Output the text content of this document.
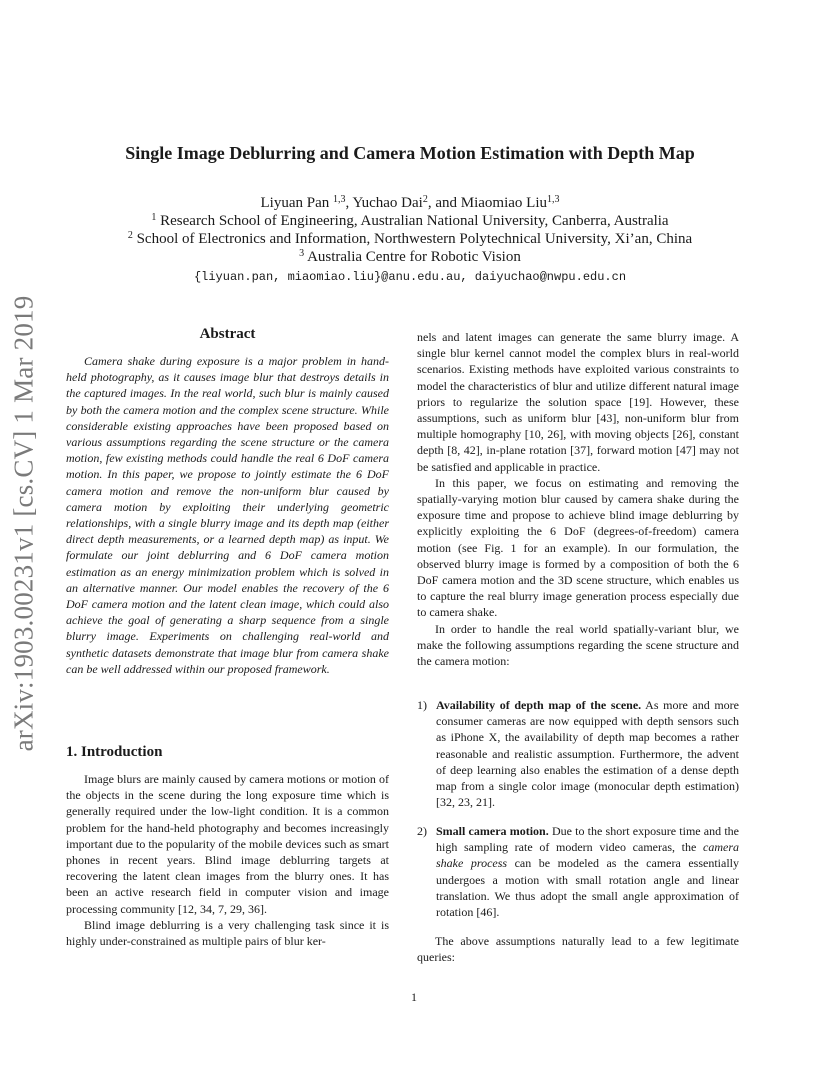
arXiv:1903.00231v1 [cs.CV] 1 Mar 2019
Single Image Deblurring and Camera Motion Estimation with Depth Map
Liyuan Pan $^{1,3}$, Yuchao Dai$^2$, and Miaomiao Liu$^{1,3}$
$^1$ Research School of Engineering, Australian National University, Canberra, Australia
$^2$ School of Electronics and Information, Northwestern Polytechnical University, Xi’an, China
$^3$ Australia Centre for Robotic Vision
{liyuan.pan, miaomiao.liu}@anu.edu.au, daiyuchao@nwpu.edu.cn
Abstract

Camera shake during exposure is a major problem in hand-held photography, as it causes image blur that destroys details in the captured images. In the real world, such blur is mainly caused by both the camera motion and the complex scene structure. While considerable existing approaches have been proposed based on various assumptions regarding the scene structure or the camera motion, few existing methods could handle the real 6 DoF camera motion. In this paper, we propose to jointly estimate the 6 DoF camera motion and remove the non-uniform blur caused by camera motion by exploiting their underlying geometric relationships, with a single blurry image and its depth map (either direct depth measurements, or a learned depth map) as input. We formulate our joint deblurring and 6 DoF camera motion estimation as an energy minimization problem which is solved in an alternative manner. Our model enables the recovery of the 6 DoF camera motion and the latent clean image, which could also achieve the goal of generating a sharp sequence from a single blurry image. Experiments on challenging real-world and synthetic datasets demonstrate that image blur from camera shake can be well addressed within our proposed framework.

1. Introduction

Image blurs are mainly caused by camera motions or motion of the objects in the scene during the long exposure time which is generally required under the low-light condition. It is a common problem for the hand-held photography and becomes increasingly important due to the popularity of the mobile devices such as smart phones in recent years. Blind image deblurring targets at recovering the latent clean images from the blurry ones. It has been an active research field in computer vision and image processing community [12, 34, 7, 29, 36].

Blind image deblurring is a very challenging task since it is highly under-constrained as multiple pairs of blur ker-

nels and latent images can generate the same blurry image. A single blur kernel cannot model the complex blurs in real-world scenarios. Existing methods have exploited various constraints to model the characteristics of blur and utilize different natural image priors to regularize the solution space [19]. However, these assumptions, such as uniform blur [43], non-uniform blur from multiple homography [10, 26], with moving objects [26], constant depth [8, 42], in-plane rotation [37], forward motion [47] may not be satisfied and applicable in practice.

In this paper, we focus on estimating and removing the spatially-varying motion blur caused by camera shake during the exposure time and propose to achieve blind image deblurring by explicitly exploiting the 6 DoF (degrees-of-freedom) camera motion (see Fig. 1 for an example). In our formulation, the observed blurry image is formed by a composition of both the 6 DoF camera motion and the 3D scene structure, which enables us to capture the real blurry image generation process especially due to camera shake.

In order to handle the real world spatially-variant blur, we make the following assumptions regarding the scene structure and the camera motion:

1) Availability of depth map of the scene. As more and more consumer cameras are now equipped with depth sensors such as iPhone X, the availability of depth map becomes a rather reasonable and realistic assumption. Furthermore, the advent of deep learning also enables the estimation of a dense depth map from a single color image (monocular depth estimation) [32, 23, 21].
2) Small camera motion. Due to the short exposure time and the high sampling rate of modern video cameras, the camera shake process can be modeled as the camera essentially undergoes a motion with small rotation angle and linear translation. We thus adopt the small angle approximation of rotation [46].

The above assumptions naturally lead to a few legitimate queries:

1
